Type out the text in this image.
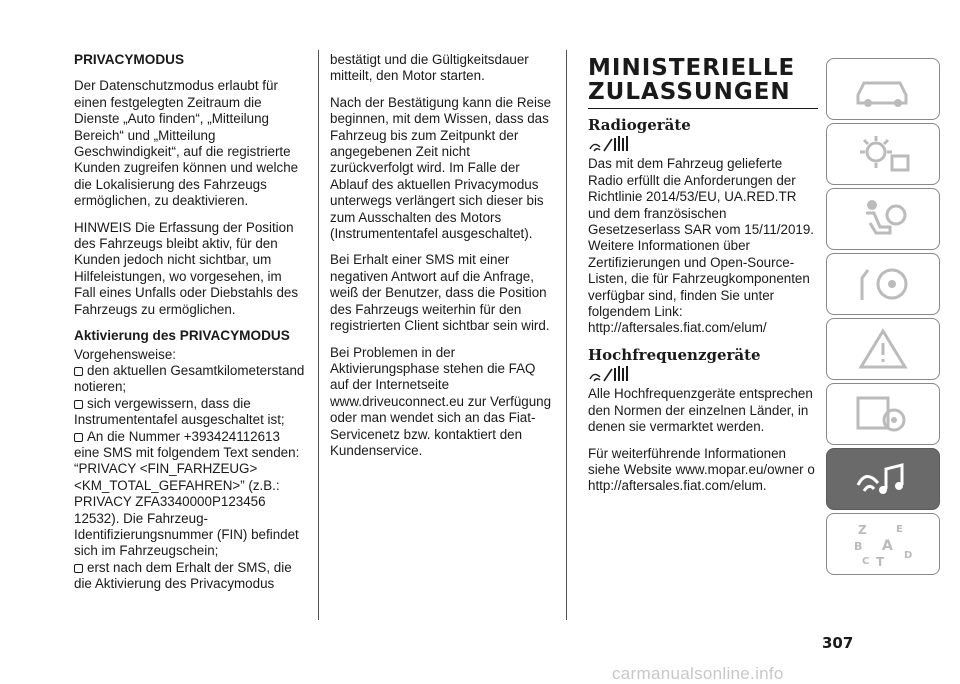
PRIVACYMODUS

Der Datenschutzmodus erlaubt für einen festgelegten Zeitraum die Dienste „Auto finden“, „Mitteilung Bereich“ und „Mitteilung Geschwindigkeit“, auf die registrierte Kunden zugreifen können und welche die Lokalisierung des Fahrzeugs ermöglichen, zu deaktivieren.

HINWEIS Die Erfassung der Position des Fahrzeugs bleibt aktiv, für den Kunden jedoch nicht sichtbar, um Hilfeleistungen, wo vorgesehen, im Fall eines Unfalls oder Diebstahls des Fahrzeugs zu ermöglichen.

Aktivierung des PRIVACYMODUS

Vorgehensweise:

den aktuellen Gesamtkilometerstand notieren;
sich vergewissern, dass die Instrumententafel ausgeschaltet ist;
An die Nummer +393424112613 eine SMS mit folgendem Text senden: “PRIVACY <FIN_FARHZEUG> <KM_TOTAL_GEFAHREN>” (z.B.: PRIVACY ZFA3340000P123456 12532). Die Fahrzeug-Identifizierungsnummer (FIN) befindet sich im Fahrzeugschein;
erst nach dem Erhalt der SMS, die die Aktivierung des Privacymodus

bestätigt und die Gültigkeitsdauer mitteilt, den Motor starten.

Nach der Bestätigung kann die Reise beginnen, mit dem Wissen, dass das Fahrzeug bis zum Zeitpunkt der angegebenen Zeit nicht zurückverfolgt wird. Im Falle der Ablauf des aktuellen Privacymodus unterwegs verlängert sich dieser bis zum Ausschalten des Motors (Instrumententafel ausgeschaltet).

Bei Erhalt einer SMS mit einer negativen Antwort auf die Anfrage, weiß der Benutzer, dass die Position des Fahrzeugs weiterhin für den registrierten Client sichtbar sein wird.

Bei Problemen in der Aktivierungsphase stehen die FAQ auf der Internetseite www.driveuconnect.eu zur Verfügung oder man wendet sich an das Fiat-Servicenetz bzw. kontaktiert den Kundenservice.

MINISTERIELLE
ZULASSUNGEN
Radiogeräte

Das mit dem Fahrzeug gelieferte Radio erfüllt die Anforderungen der Richtlinie 2014/53/EU, UA.RED.TR und dem französischen Gesetzeserlass SAR vom 15/11/2019. Weitere Informationen über Zertifizierungen und Open-Source-Listen, die für Fahrzeugkomponenten verfügbar sind, finden Sie unter folgendem Link: http://aftersales.fiat.com/elum/

Hochfrequenzgeräte

Alle Hochfrequenzgeräte entsprechen den Normen der einzelnen Länder, in denen sie vermarktet werden.

Für weiterführende Informationen siehe Website www.mopar.eu/owner o http://aftersales.fiat.com/elum.

Z	E
B A
C T D
307
carmanualsonline.info
